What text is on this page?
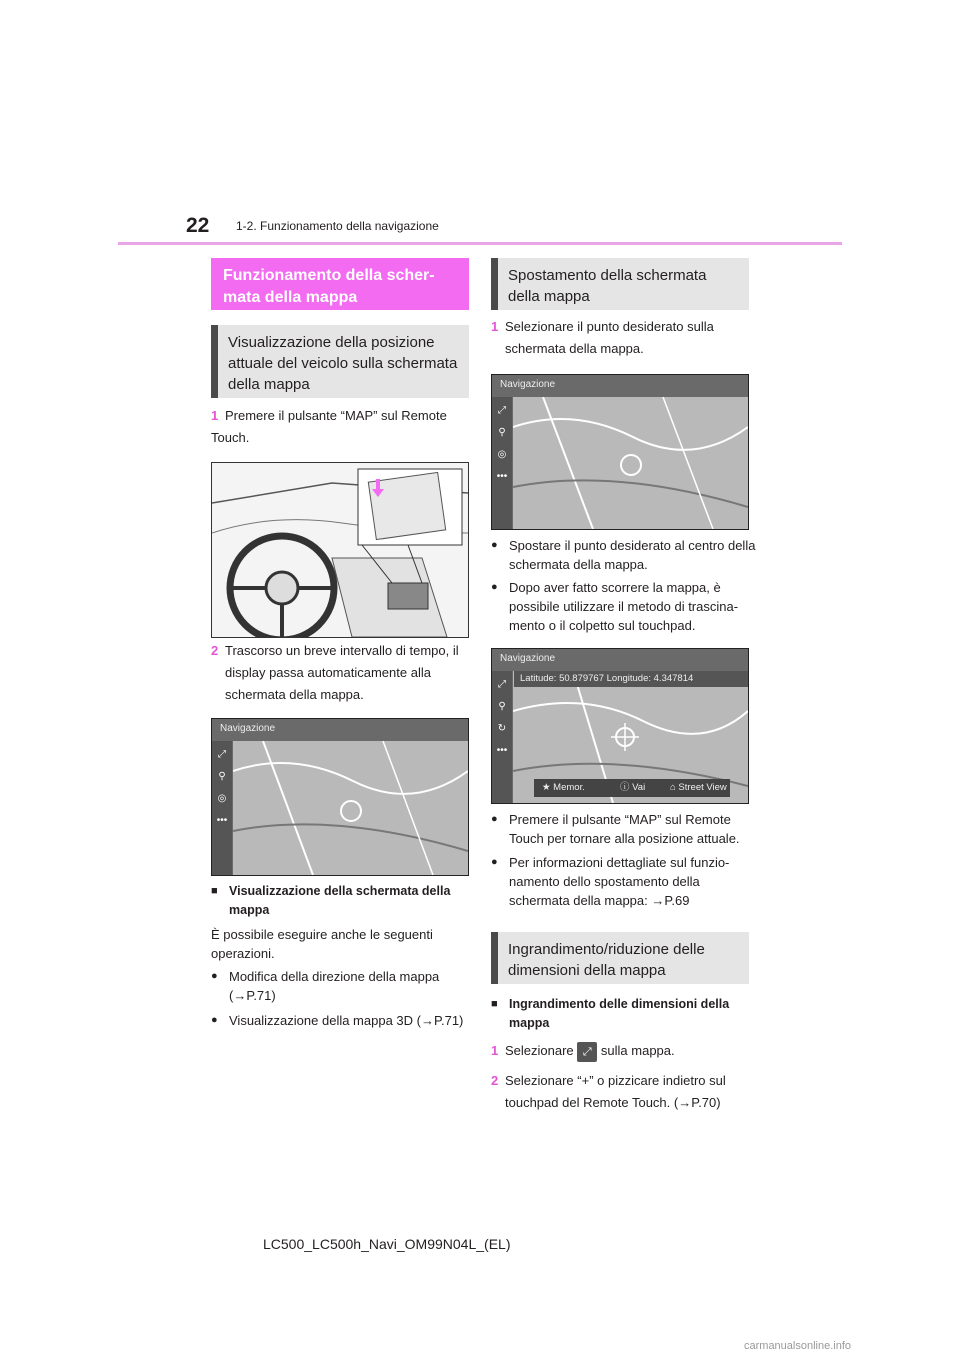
22 1-2. Funzionamento della navigazione
Funzionamento della scher-
mata della mappa
Visualizzazione della posizione attuale del veicolo sulla schermata della mappa
1 Premere il pulsante “MAP” sul Remote Touch.
2 Trascorso un breve intervallo di tempo, il display passa automaticamente alla schermata della mappa.
Navigazione
⤢
⚲
◎
•••
■ Visualizzazione della schermata della mappa
È possibile eseguire anche le seguenti operazioni.
● Modifica della direzione della mappa (→P.71)
● Visualizzazione della mappa 3D (→P.71)
Spostamento della schermata della mappa
1 Selezionare il punto desiderato sulla schermata della mappa.
Navigazione
⤢
⚲
◎
•••
● Spostare il punto desiderato al centro della schermata della mappa.
● Dopo aver fatto scorrere la mappa, è possibile utilizzare il metodo di trascina-mento o il colpetto sul touchpad.
Navigazione
⤢
⚲
↻
•••
Latitude: 50.879767 Longitude: 4.347814
★ Memor.	ⓘ Vai	⌂ Street View
● Premere il pulsante “MAP” sul Remote Touch per tornare alla posizione attuale.
● Per informazioni dettagliate sul funzio-namento dello spostamento della schermata della mappa: →P.69
Ingrandimento/riduzione delle dimensioni della mappa
■ Ingrandimento delle dimensioni della mappa
1 Selezionare ⤢ sulla mappa.
2 Selezionare “+” o pizzicare indietro sul touchpad del Remote Touch. (→P.70)
LC500_LC500h_Navi_OM99N04L_(EL)
carmanualsonline.info
